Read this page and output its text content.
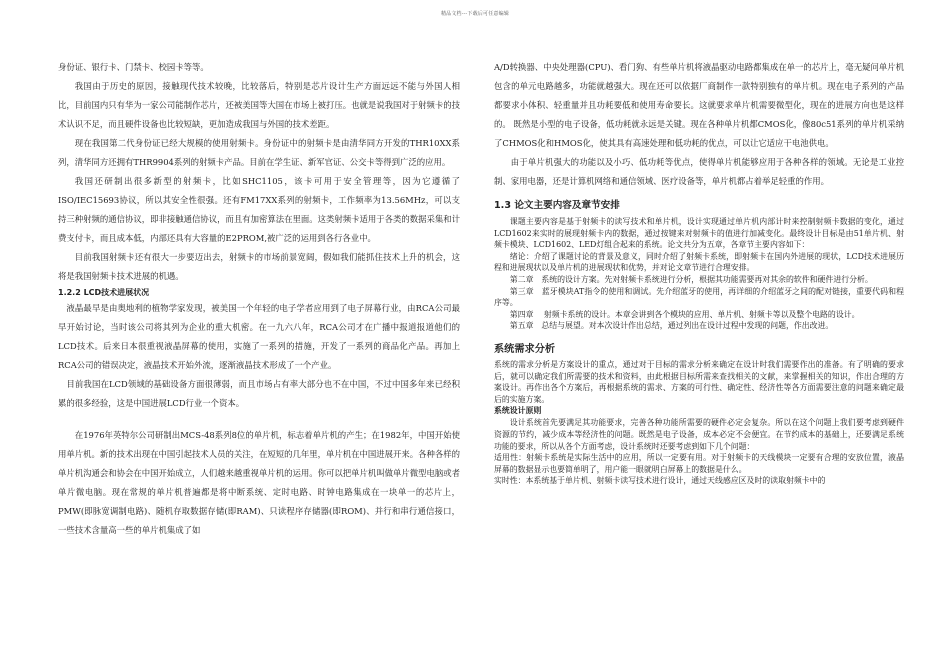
精品文档---下载后可任意编辑

身份证、银行卡、门禁卡、校园卡等等。

我国由于历史的原因，接触现代技术较晚，比较落后，特别是芯片设计生产方面远远不能与外国人相比，目前国内只有华为一家公司能制作芯片，还被美国等大国在市场上被打压。也就是说我国对于射频卡的技术认识不足，而且硬件设备也比较短缺，更加造成我国与外国的技术差距。

现在我国第二代身份证已经大规模的使用射频卡。身份证中的射频卡是由清华同方开发的THR10XX系列，清华同方还拥有THR9904系列的射频卡产品。目前在学生证、新军官证、公交卡等得到广泛的应用。

我国还研制出很多新型的射频卡，比如SHC1105，该卡可用于安全管理等，因为它遵循了ISO/IEC15693协议，所以其安全性很强。还有FM17XX系列的射频卡，工作频率为13.56MHz，可以支持三种射频的通信协议，即非接触通信协议，而且有加密算法在里面。这类射频卡适用于各类的数据采集和计费支付卡，而且成本低，内部还具有大容量的E2PROM,被广泛的运用到各行各业中。

目前我国射频卡还有很大一步要迈出去，射频卡的市场前景宽阔，假如我们能抓住技术上升的机会，这将是我国射频卡技术进展的机遇。

1.2.2 LCD技术进展状况

液晶最早是由奥地利的植物学家发现，被美国一个年轻的电子学者应用到了电子屏幕行业，由RCA公司最早开始讨论，当时该公司将其列为企业的重大机密。在一九六八年，RCA公司才在广播中报道报道他们的LCD技术。后来日本很重视液晶屏幕的使用，实施了一系列的措施，开发了一系列的商品化产品。再加上RCA公司的错误决定，液晶技术开始外流，逐渐液晶技术形成了一个产业。

目前我国在LCD领域的基础设备方面很薄弱，而且市场占有率大部分也不在中国，不过中国多年来已经积累的很多经验，这是中国进展LCD行业一个资本。

在1976年英特尔公司研制出MCS-48系列8位的单片机，标志着单片机的产生；在1982年，中国开始使用单片机。新的技术出现在中国引起技术人员的关注，在短短的几年里，单片机在中国进展开来。各种各样的单片机沟通会和协会在中国开始成立，人们越来越重视单片机的运用。你可以把单片机叫做单片微型电脑或者单片微电脑。现在常规的单片机普遍都是将中断系统、定时电路、时钟电路集成在一块单一的芯片上，PMW(即脉宽调制电路)、随机存取数据存储(即RAM)、只读程序存储器(即ROM)、并行和串行通信接口，一些技术含量高一些的单片机集成了如

A/D转换器、中央处理器(CPU)、看门狗、有些单片机将液晶驱动电路都集成在单一的芯片上，毫无疑问单片机包含的单元电路越多，功能就越强大。现在还可以依据厂商制作一款特别独有的单片机。现在电子系列的产品都要求小体积、轻重量并且功耗要低和使用寿命要长。这就要求单片机需要微型化，现在的进展方向也是这样的。 既然是小型的电子设备，低功耗就永远是关键。现在各种单片机都CMOS化，像80c51系列的单片机采纳了CHMOS化和HMOS化，使其具有高速处理和低功耗的优点，可以让它适应干电池供电。

由于单片机强大的功能以及小巧、低功耗等优点，使得单片机能够应用于各种各样的领域。无论是工业控制、家用电器，还是计算机网络和通信领域、医疗设备等，单片机都占着举足轻重的作用。

1.3 论文主要内容及章节安排

课题主要内容是基于射频卡的读写技术和单片机，设计实现通过单片机内部计时来控制射频卡数据的变化，通过LCD1602来实时的展现射频卡内的数据，通过按键来对射频卡的值进行加减变化。最终设计目标是由51单片机、射频卡模块、LCD1602、LED灯组合起来的系统。论文共分为五章，各章节主要内容如下：

绪论：介绍了课题讨论的背景及意义，同时介绍了射频卡系统，即射频卡在国内外进展的现状，LCD技术进展历程和进展现状以及单片机的进展现状和优势，并对论文章节进行合理安排。

第二章　系统的设计方案。先对射频卡系统进行分析，根据其功能需要再对其余的软件和硬件进行分析。

第三章　蓝牙模块AT指令的使用和调试。先介绍蓝牙的使用，再详细的介绍蓝牙之间的配对链接，重要代码和程序等。

第四章　 射频卡系统的设计。本章会讲到各个模块的应用、单片机、射频卡等以及整个电路的设计。

第五章　总结与展望。对本次设计作出总结，通过列出在设计过程中发现的问题，作出改进。

系统需求分析

系统的需求分析是方案设计的重点，通过对于目标的需求分析来确定在设计时我们需要作出的准备。有了明确的要求后，就可以确定我们所需要的技术和资料，由此根据目标所需来查找相关的文献，来掌握相关的知识，作出合理的方案设计。再作出各个方案后，再根据系统的需求、方案的可行性、确定性、经济性等各方面需要注意的问题来确定最后的实施方案。

系统设计原则

设计系统首先要满足其功能要求，完善各种功能所需要的硬件必定会复杂。所以在这个问题上我们要考虑到硬件资源的节约，减少成本等经济性的问题。既然是电子设备，成本必定不会便宜。在节约成本的基础上，还要满足系统功能的要求，所以从各个方面考虑，设计系统时还要考虑到如下几个问题：

适用性：射频卡系统是实际生活中的应用，所以一定要有用。对于射频卡的天线模块一定要有合理的安放位置，液晶屏幕的数据显示也要简单明了，用户能一眼就明白屏幕上的数据是什么。

实时性：本系统基于单片机、射频卡读写技术进行设计，通过天线感应区及时的读取射频卡中的
